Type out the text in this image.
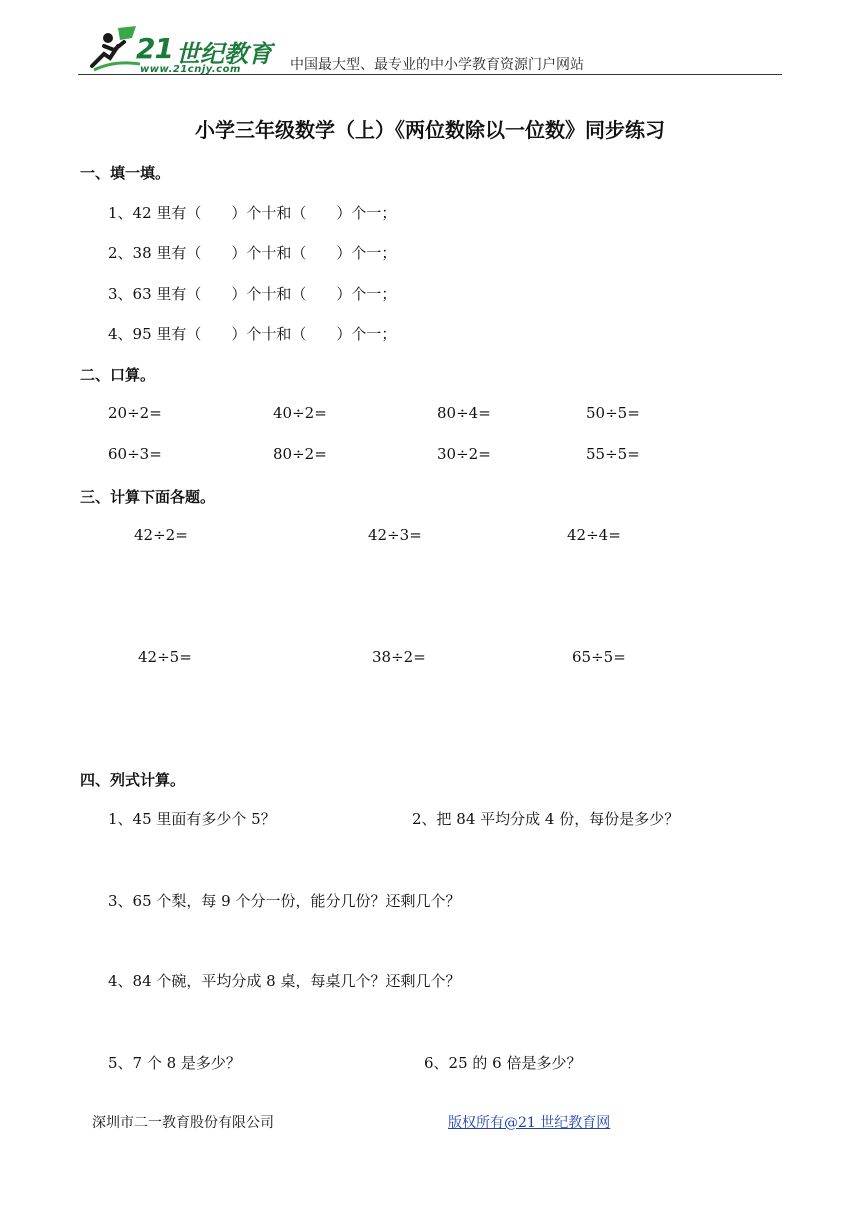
21 世纪教育
www.21cnjy.com	中国最大型、最专业的中小学教育资源门户网站
小学三年级数学（上）《两位数除以一位数》同步练习
一、填一填。
1、42 里有（　　）个十和（　　）个一；
2、38 里有（　　）个十和（　　）个一；
3、63 里有（　　）个十和（　　）个一；
4、95 里有（　　）个十和（　　）个一；
二、口算。
20÷2=	40÷2=	80÷4=	50÷5=
60÷3=	80÷2=	30÷2=	55÷5=
三、计算下面各题。
42÷2=	42÷3=	42÷4=
42÷5=	38÷2=	65÷5=
四、列式计算。
1、45 里面有多少个 5？	2、把 84 平均分成 4 份，每份是多少？
3、65 个梨，每 9 个分一份，能分几份？还剩几个？
4、84 个碗，平均分成 8 桌，每桌几个？还剩几个？
5、7 个 8 是多少？	6、25 的 6 倍是多少？
深圳市二一教育股份有限公司	版权所有@21 世纪教育网
